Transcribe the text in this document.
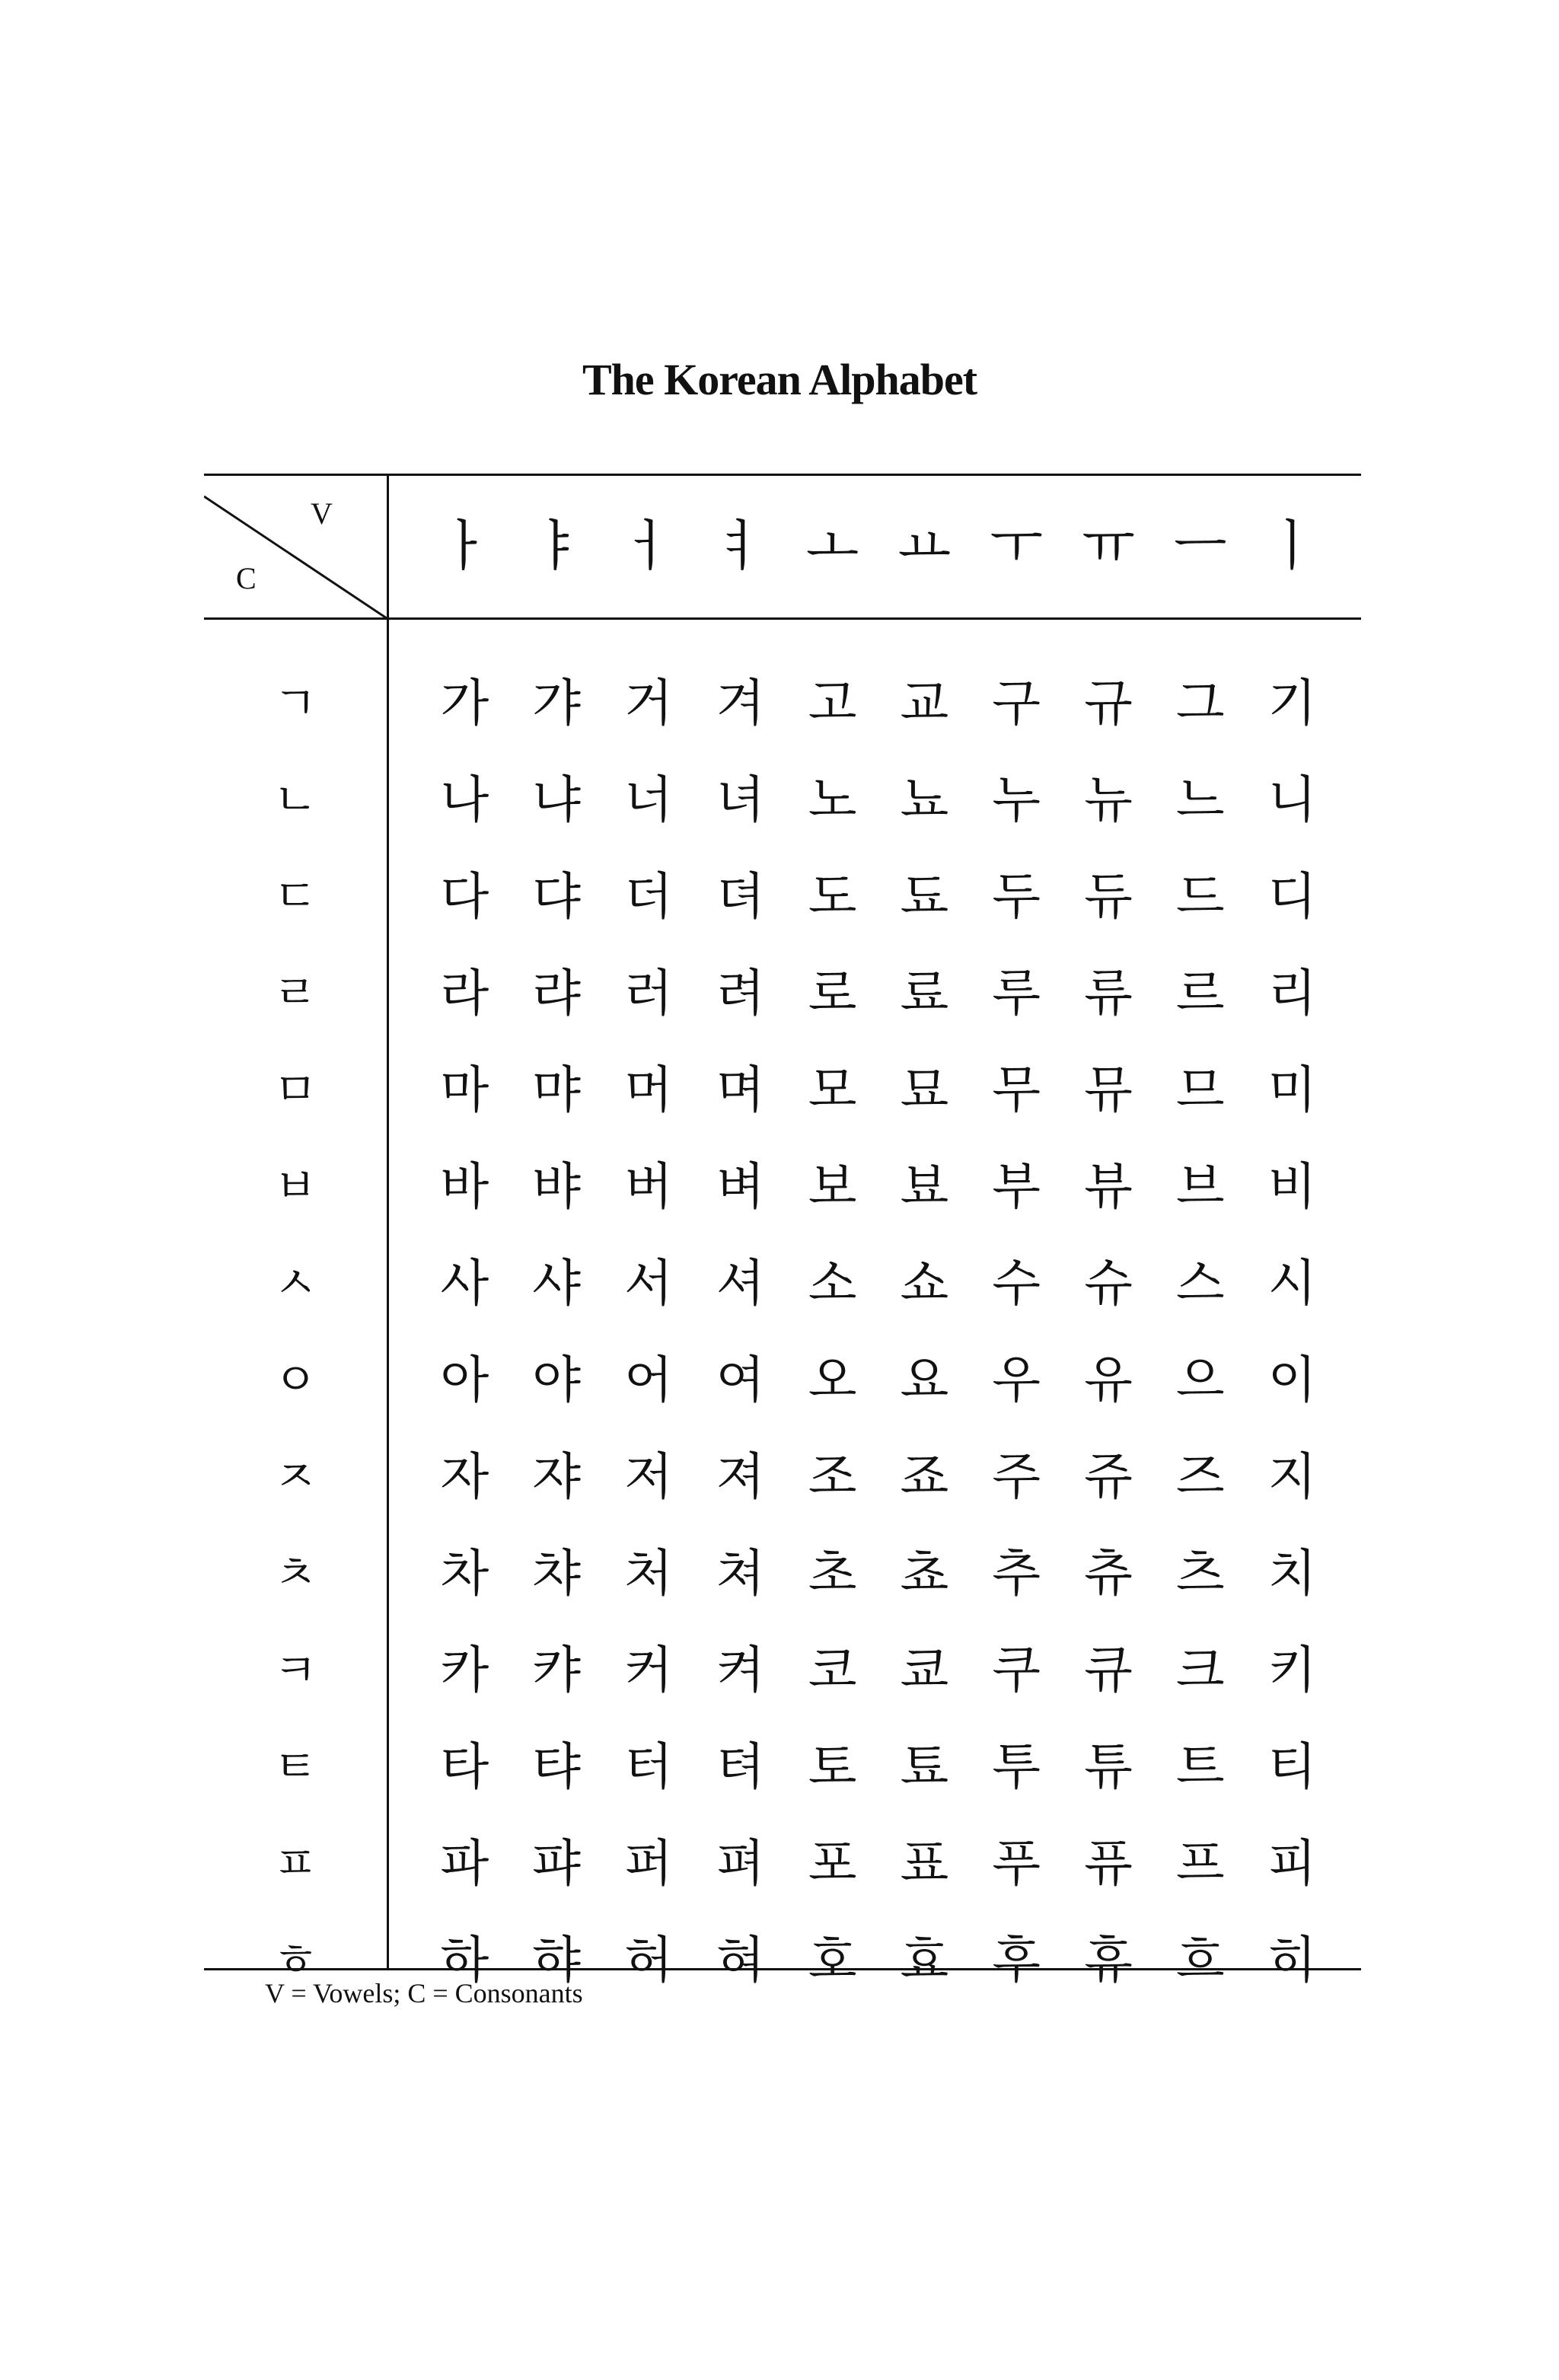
The Korean Alphabet
V
C
ㅏ ㅑ ㅓ ㅕ ㅗ ㅛ ㅜ ㅠ ㅡ ㅣ
ㄱ
ㄴ
ㄷ
ㄹ
ㅁ
ㅂ
ㅅ
ㅇ
ㅈ
ㅊ
ㅋ
ㅌ
ㅍ
ㅎ
가 갸 거 겨 고 교 구 규 그 기
나 냐 너 녀 노 뇨 누 뉴 느 니
다 댜 더 뎌 도 됴 두 듀 드 디
라 랴 러 려 로 료 루 류 르 리
마 먀 머 며 모 묘 무 뮤 므 미
바 뱌 버 벼 보 뵤 부 뷰 브 비
사 샤 서 셔 소 쇼 수 슈 스 시
아 야 어 여 오 요 우 유 으 이
자 쟈 저 져 조 죠 주 쥬 즈 지
차 챠 처 쳐 초 쵸 추 츄 츠 치
카 캬 커 켜 코 쿄 쿠 큐 크 키
타 탸 터 텨 토 툐 투 튜 트 티
파 퍄 퍼 펴 포 표 푸 퓨 프 피
하 햐 허 혀 호 효 후 휴 흐 히
V = Vowels; C = Consonants
